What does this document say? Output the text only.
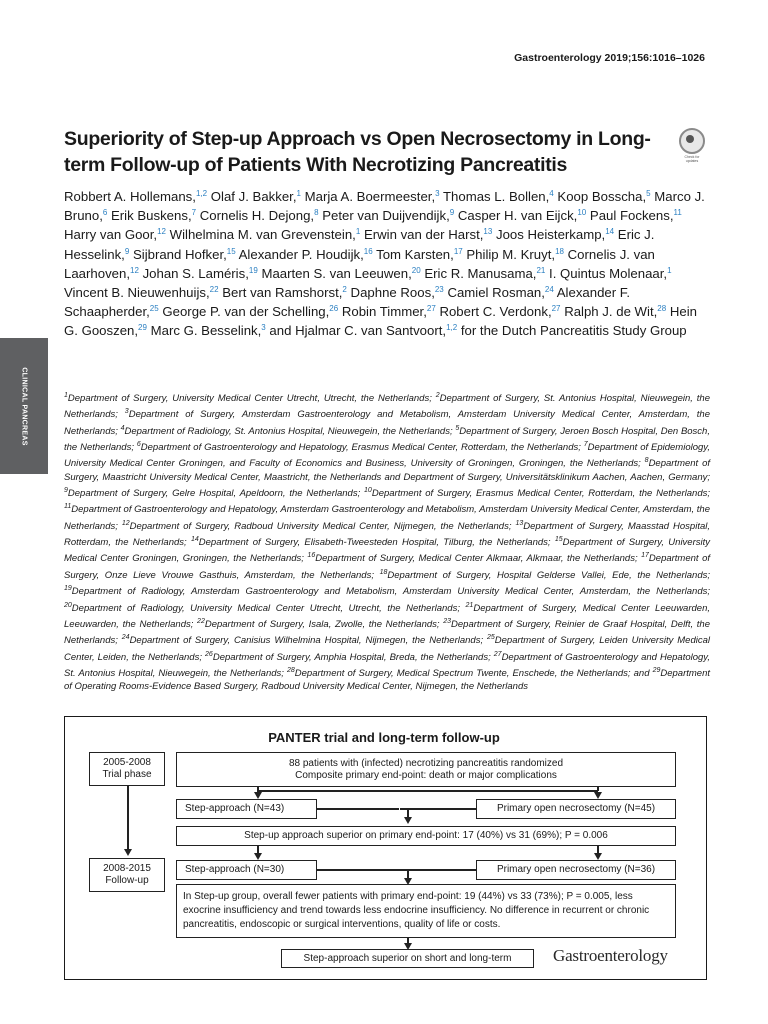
Gastroenterology 2019;156:1016–1026
CLINICAL PANCREAS
Superiority of Step-up Approach vs Open Necrosectomy in Long-term Follow-up of Patients With Necrotizing Pancreatitis	Check for updates
Robbert A. Hollemans,$^{1,2}$ Olaf J. Bakker,$^1$ Marja A. Boermeester,$^3$ Thomas L. Bollen,$^4$ Koop Bosscha,$^5$ Marco J. Bruno,$^6$ Erik Buskens,$^7$ Cornelis H. Dejong,$^8$ Peter van Duijvendijk,$^9$ Casper H. van Eijck,$^{10}$ Paul Fockens,$^{11}$ Harry van Goor,$^{12}$ Wilhelmina M. van Grevenstein,$^1$ Erwin van der Harst,$^{13}$ Joos Heisterkamp,$^{14}$ Eric J. Hesselink,$^9$ Sijbrand Hofker,$^{15}$ Alexander P. Houdijk,$^{16}$ Tom Karsten,$^{17}$ Philip M. Kruyt,$^{18}$ Cornelis J. van Laarhoven,$^{12}$ Johan S. Laméris,$^{19}$ Maarten S. van Leeuwen,$^{20}$ Eric R. Manusama,$^{21}$ I. Quintus Molenaar,$^1$ Vincent B. Nieuwenhuijs,$^{22}$ Bert van Ramshorst,$^2$ Daphne Roos,$^{23}$ Camiel Rosman,$^{24}$ Alexander F. Schaapherder,$^{25}$ George P. van der Schelling,$^{26}$ Robin Timmer,$^{27}$ Robert C. Verdonk,$^{27}$ Ralph J. de Wit,$^{28}$ Hein G. Gooszen,$^{29}$ Marc G. Besselink,$^3$ and Hjalmar C. van Santvoort,$^{1,2}$ for the Dutch Pancreatitis Study Group
$^1$Department of Surgery, University Medical Center Utrecht, Utrecht, the Netherlands; $^2$Department of Surgery, St. Antonius Hospital, Nieuwegein, the Netherlands; $^3$Department of Surgery, Amsterdam Gastroenterology and Metabolism, Amsterdam University Medical Center, Amsterdam, the Netherlands; $^4$Department of Radiology, St. Antonius Hospital, Nieuwegein, the Netherlands; $^5$Department of Surgery, Jeroen Bosch Hospital, Den Bosch, the Netherlands; $^6$Department of Gastroenterology and Hepatology, Erasmus Medical Center, Rotterdam, the Netherlands; $^7$Department of Epidemiology, University Medical Center Groningen, and Faculty of Economics and Business, University of Groningen, Groningen, the Netherlands; $^8$Department of Surgery, Maastricht University Medical Center, Maastricht, the Netherlands and Department of Surgery, Universitätsklinikum Aachen, Aachen, Germany; $^9$Department of Surgery, Gelre Hospital, Apeldoorn, the Netherlands; $^{10}$Department of Surgery, Erasmus Medical Center, Rotterdam, the Netherlands; $^{11}$Department of Gastroenterology and Hepatology, Amsterdam Gastroenterology and Metabolism, Amsterdam University Medical Center, Amsterdam, the Netherlands; $^{12}$Department of Surgery, Radboud University Medical Center, Nijmegen, the Netherlands; $^{13}$Department of Surgery, Maasstad Hospital, Rotterdam, the Netherlands; $^{14}$Department of Surgery, Elisabeth-Tweesteden Hospital, Tilburg, the Netherlands; $^{15}$Department of Surgery, University Medical Center Groningen, Groningen, the Netherlands; $^{16}$Department of Surgery, Medical Center Alkmaar, Alkmaar, the Netherlands; $^{17}$Department of Surgery, Onze Lieve Vrouwe Gasthuis, Amsterdam, the Netherlands; $^{18}$Department of Surgery, Hospital Gelderse Vallei, Ede, the Netherlands; $^{19}$Department of Radiology, Amsterdam Gastroenterology and Metabolism, Amsterdam University Medical Center, Amsterdam, the Netherlands; $^{20}$Department of Radiology, University Medical Center Utrecht, Utrecht, the Netherlands; $^{21}$Department of Surgery, Medical Center Leeuwarden, Leeuwarden, the Netherlands; $^{22}$Department of Surgery, Isala, Zwolle, the Netherlands; $^{23}$Department of Surgery, Reinier de Graaf Hospital, Delft, the Netherlands; $^{24}$Department of Surgery, Canisius Wilhelmina Hospital, Nijmegen, the Netherlands; $^{25}$Department of Surgery, Leiden University Medical Center, Leiden, the Netherlands; $^{26}$Department of Surgery, Amphia Hospital, Breda, the Netherlands; $^{27}$Department of Gastroenterology and Hepatology, St. Antonius Hospital, Nieuwegein, the Netherlands; $^{28}$Department of Surgery, Medical Spectrum Twente, Enschede, the Netherlands; and $^{29}$Department of Operating Rooms-Evidence Based Surgery, Radboud University Medical Center, Nijmegen, the Netherlands
PANTER trial and long-term follow-up
2005-2008
Trial phase
2008-2015
Follow-up
88 patients with (infected) necrotizing pancreatitis randomized
Composite primary end-point: death or major complications
Step-approach (N=43)	Primary open necrosectomy (N=45)
Step-up approach superior on primary end-point: 17 (40%) vs 31 (69%); P = 0.006
Step-approach (N=30)	Primary open necrosectomy (N=36)
In Step-up group, overall fewer patients with primary end-point: 19 (44%) vs 33 (73%); P = 0.005, less exocrine insufficiency and trend towards less endocrine insufficiency. No difference in recurrent or chronic pancreatitis, endoscopic or surgical interventions, quality of life or costs.
Step-approach superior on short and long-term	Gastroenterology
